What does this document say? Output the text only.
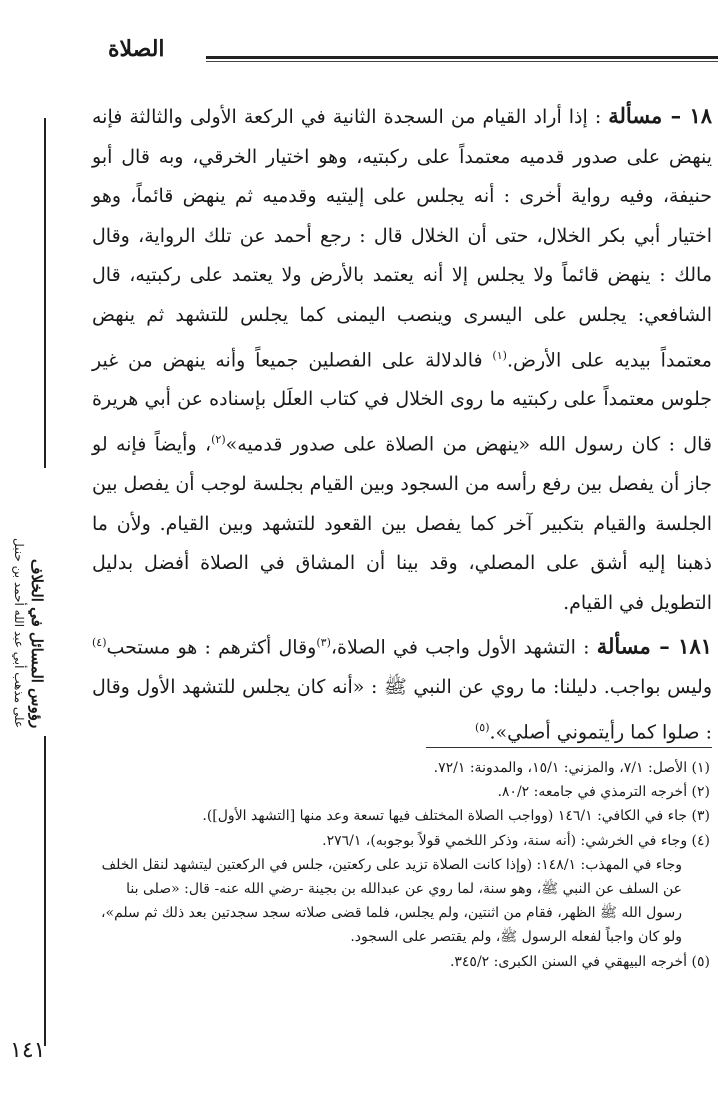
الصلاة
رؤوس المسائل في الخلاف
على مذهب أبي عبد الله أحمد بن حنبل

١٨ – مسألة : إذا أراد القيام من السجدة الثانية في الركعة الأولى والثالثة فإنه ينهض على صدور قدميه معتمداً على ركبتيه، وهو اختيار الخرقي، وبه قال أبو حنيفة، وفيه رواية أخرى : أنه يجلس على إليتيه وقدميه ثم ينهض قائماً، وهو اختيار أبي بكر الخلال، حتى أن الخلال قال : رجع أحمد عن تلك الرواية، وقال مالك : ينهض قائماً ولا يجلس إلا أنه يعتمد بالأرض ولا يعتمد على ركبتيه، قال الشافعي: يجلس على اليسرى وينصب اليمنى كما يجلس للتشهد ثم ينهض معتمداً بيديه على الأرض.$^{(١)}$ فالدلالة على الفصلين جميعاً وأنه ينهض من غير جلوس معتمداً على ركبتيه ما روى الخلال في كتاب العلَل بإسناده عن أبي هريرة قال : كان رسول الله «ينهض من الصلاة على صدور قدميه»$^{(٢)}$، وأيضاً فإنه لو جاز أن يفصل بين رفع رأسه من السجود وبين القيام بجلسة لوجب أن يفصل بين الجلسة والقيام بتكبير آخر كما يفصل بين القعود للتشهد وبين القيام. ولأن ما ذهبنا إليه أشق على المصلي، وقد بينا أن المشاق في الصلاة أفضل بدليل التطويل في القيام.

١٨١ – مسألة : التشهد الأول واجب في الصلاة،$^{(٣)}$وقال أكثرهم : هو مستحب$^{(٤)}$ وليس بواجب. دليلنا: ما روي عن النبي ﷺ : «أنه كان يجلس للتشهد الأول وقال : صلوا كما رأيتموني أصلي».$^{(٥)}$

(١) الأصل: ٧/١، والمزني: ١٥/١، والمدونة: ٧٢/١.

(٢) أخرجه الترمذي في جامعه: ٨٠/٢.

(٣) جاء في الكافي: ١٤٦/١ (وواجب الصلاة المختلف فيها تسعة وعد منها [التشهد الأول]).

(٤) وجاء في الخرشي: (أنه سنة، وذكر اللخمي قولاً بوجوبه)، ٢٧٦/١.

وجاء في المهذب: ١٤٨/١: (وإذا كانت الصلاة تزيد على ركعتين، جلس في الركعتين ليتشهد لنقل الخلف عن السلف عن النبي ﷺ، وهو سنة، لما روي عن عبدالله بن بجينة -رضي الله عنه- قال: «صلى بنا رسول الله ﷺ الظهر، فقام من اثنتين، ولم يجلس، فلما قضى صلاته سجد سجدتين بعد ذلك ثم سلم»، ولو كان واجباً لفعله الرسول ﷺ، ولم يقتصر على السجود.

(٥) أخرجه البيهقي في السنن الكبرى: ٣٤٥/٢.

١٤١
